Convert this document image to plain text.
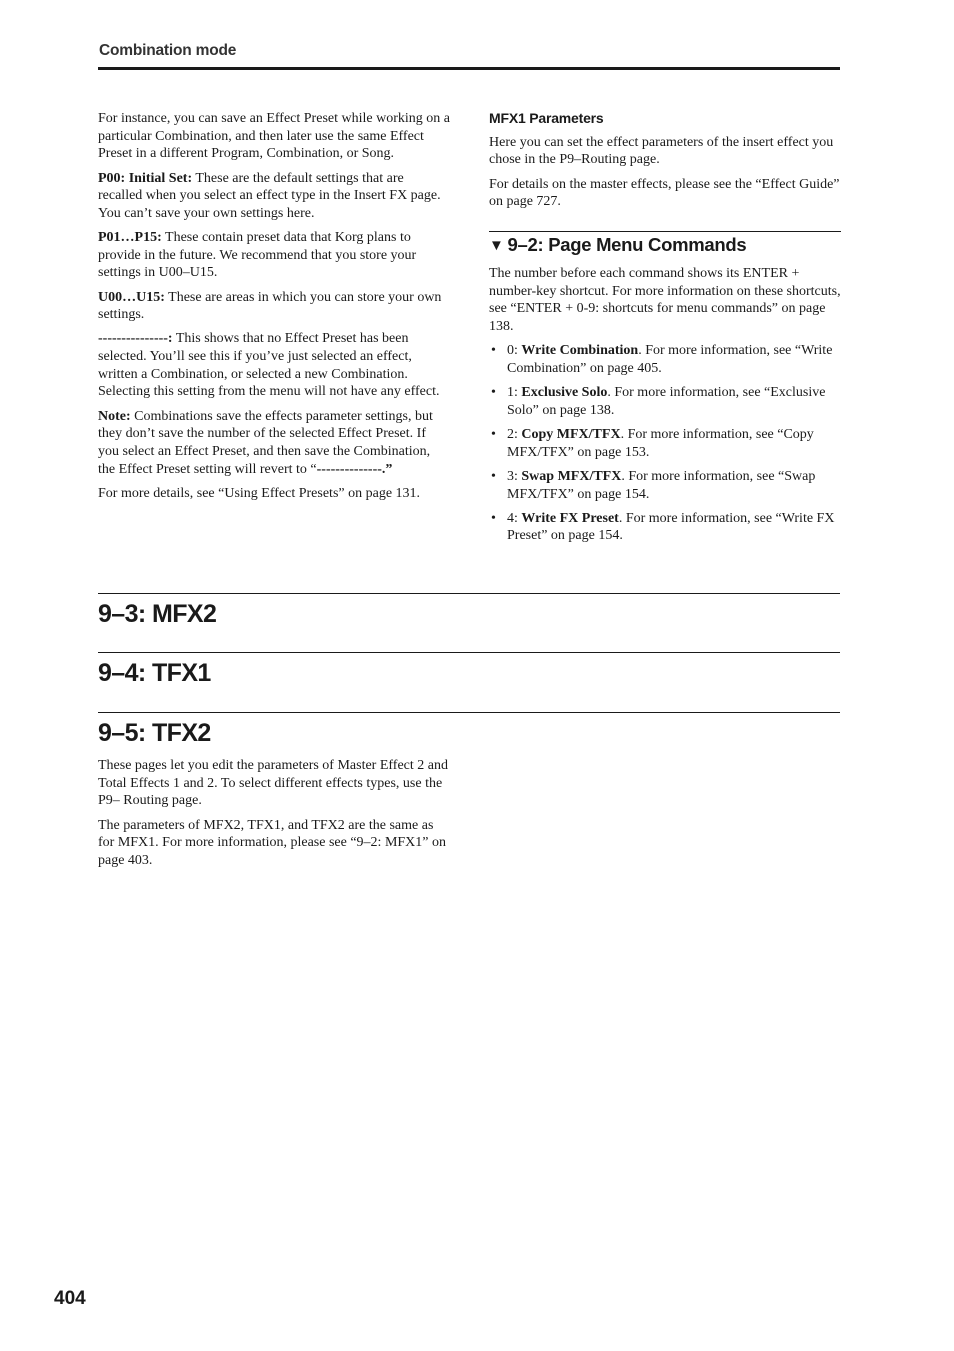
Combination mode

For instance, you can save an Effect Preset while working on a particular Combination, and then later use the same Effect Preset in a different Program, Combination, or Song.

P00: Initial Set: These are the default settings that are recalled when you select an effect type in the Insert FX page. You can’t save your own settings here.

P01…P15: These contain preset data that Korg plans to provide in the future. We recommend that you store your settings in U00–U15.

U00…U15: These are areas in which you can store your own settings.

---------------: This shows that no Effect Preset has been selected. You’ll see this if you’ve just selected an effect, written a Combination, or selected a new Combination. Selecting this setting from the menu will not have any effect.

Note: Combinations save the effects parameter settings, but they don’t save the number of the selected Effect Preset. If you select an Effect Preset, and then save the Combination, the Effect Preset setting will revert to “--------------.”

For more details, see “Using Effect Presets” on page 131.

MFX1 Parameters

Here you can set the effect parameters of the insert effect you chose in the P9–Routing page.

For details on the master effects, please see the “Effect Guide” on page 727.

▼ 9–2: Page Menu Commands

The number before each command shows its ENTER + number-key shortcut. For more information on these shortcuts, see “ENTER + 0-9: shortcuts for menu commands” on page 138.

• 0: Write Combination. For more information, see “Write Combination” on page 405.
• 1: Exclusive Solo. For more information, see “Exclusive Solo” on page 138.
• 2: Copy MFX/TFX. For more information, see “Copy MFX/TFX” on page 153.
• 3: Swap MFX/TFX. For more information, see “Swap MFX/TFX” on page 154.
• 4: Write FX Preset. For more information, see “Write FX Preset” on page 154.
9–3: MFX2
9–4: TFX1
9–5: TFX2

These pages let you edit the parameters of Master Effect 2 and Total Effects 1 and 2. To select different effects types, use the P9– Routing page.

The parameters of MFX2, TFX1, and TFX2 are the same as for MFX1. For more information, please see “9–2: MFX1” on page 403.

404
